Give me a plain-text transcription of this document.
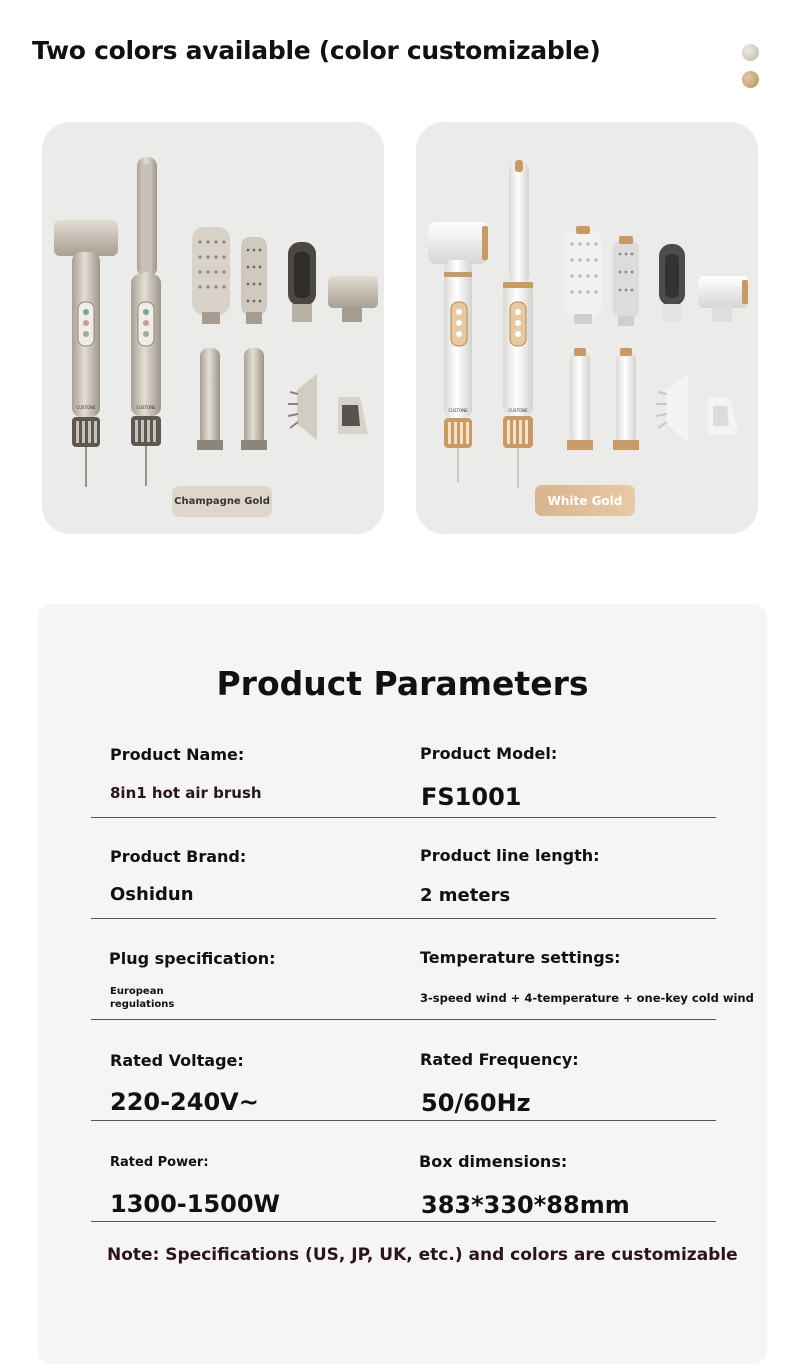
Two colors available (color customizable)
CUSTONE	CUSTONE
Champagne Gold
CUSTONE	CUSTONE
White Gold
Product Parameters
Product Name:
8in1 hot air brush
Product Model:
FS1001
Product Brand:
Oshidun
Product line length:
2 meters
Plug specification:
European
regulations
Temperature settings:
3-speed wind + 4-temperature + one-key cold wind
Rated Voltage:
220-240V~
Rated Frequency:
50/60Hz
Rated Power:
1300-1500W
Box dimensions:
383*330*88mm
Note: Specifications (US, JP, UK, etc.) and colors are customizable
